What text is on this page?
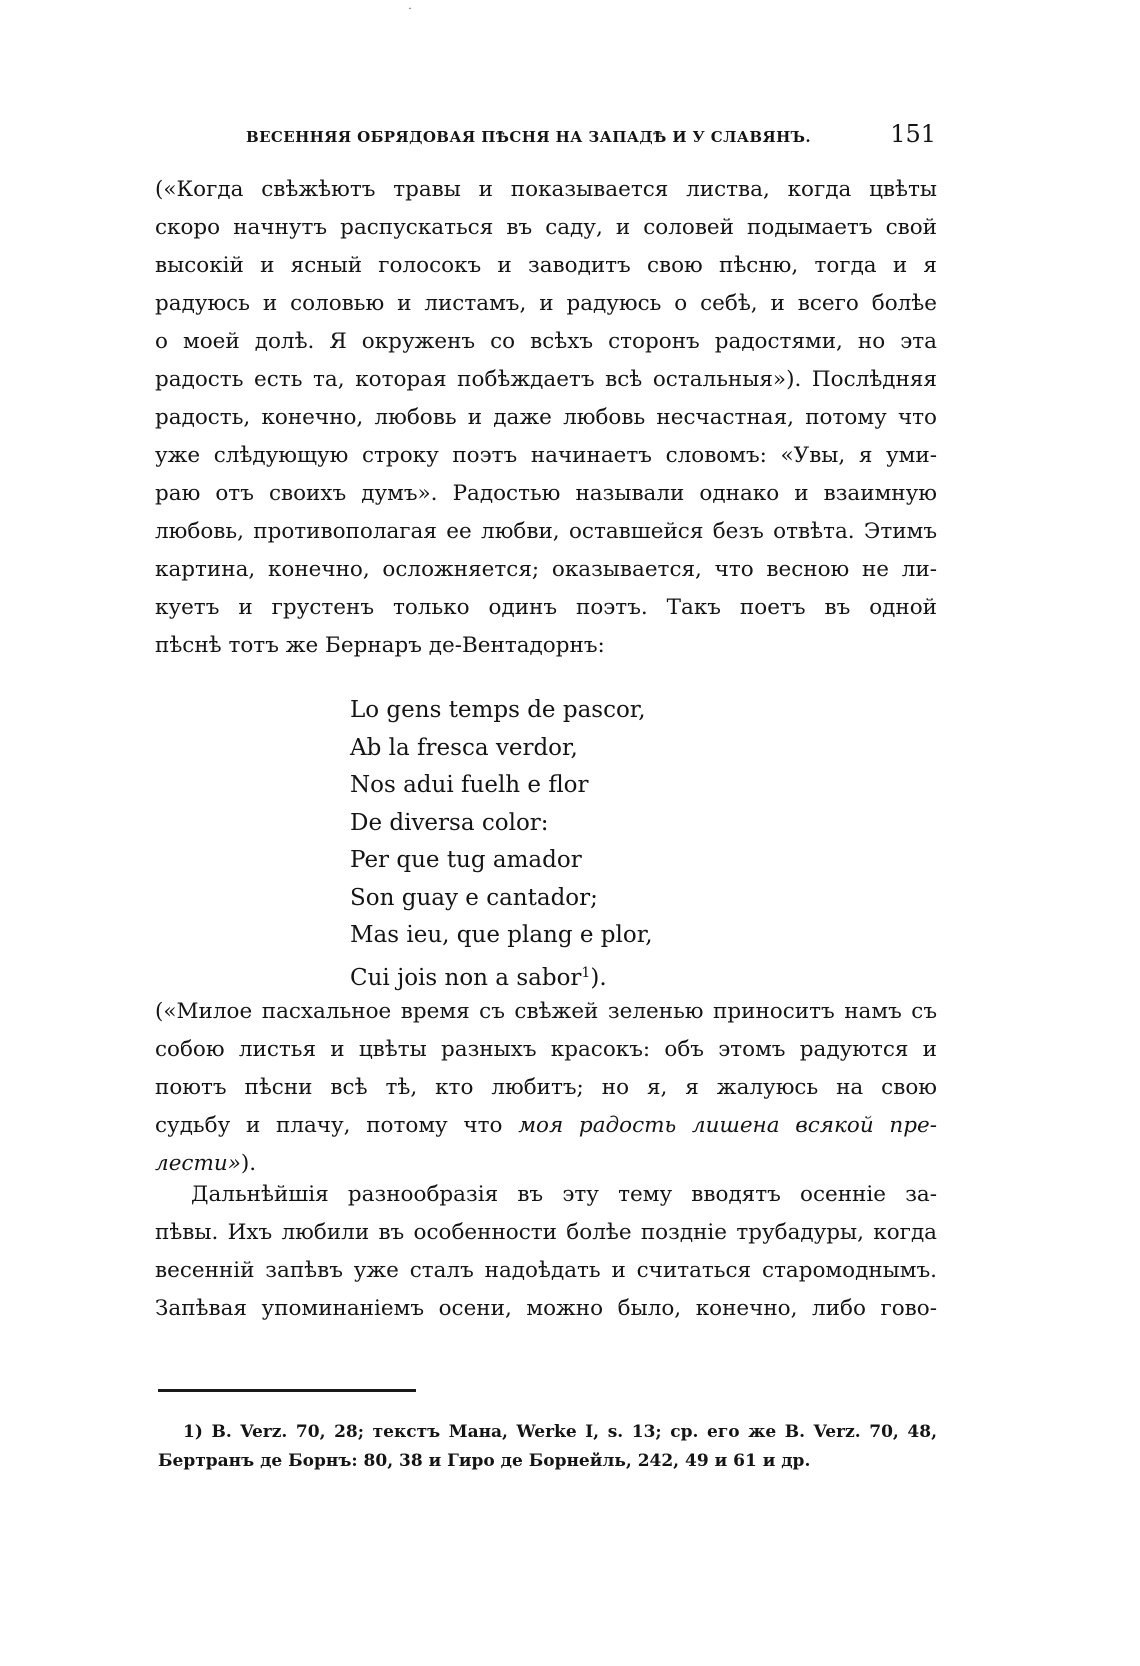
˙
ВЕСЕННЯЯ ОБРЯДОВАЯ ПѢСНЯ НА ЗАПАДѢ И У СЛАВЯНЪ.	151
(«Когда свѣжѣютъ травы и показывается листва, когда цвѣты
скоро начнутъ распускаться въ саду, и соловей подымаетъ свой
высокій и ясный голосокъ и заводитъ свою пѣсню, тогда и я
радуюсь и соловью и листамъ, и радуюсь о себѣ, и всего болѣе
о моей долѣ. Я окруженъ со всѣхъ сторонъ радостями, но эта
радость есть та, которая побѣждаетъ всѣ остальныя»). Послѣдняя
радость, конечно, любовь и даже любовь несчастная, потому что
уже слѣдующую строку поэтъ начинаетъ словомъ: «Увы, я уми-
раю отъ своихъ думъ». Радостью называли однако и взаимную
любовь, противополагая ее любви, оставшейся безъ отвѣта. Этимъ
картина, конечно, осложняется; оказывается, что весною не ли-
куетъ и грустенъ только одинъ поэтъ. Такъ поетъ въ одной
пѣснѣ тотъ же Бернаръ де-Вентадорнъ:
Lo gens temps de pascor,
Ab la fresca verdor,
Nos adui fuelh e flor
De diversa color:
Per que tug amador
Son guay e cantador;
Mas ieu, que plang e plor,
Cui jois non a sabor$^1$).
(«Милое пасхальное время съ свѣжей зеленью приноситъ намъ съ
собою листья и цвѣты разныхъ красокъ: объ этомъ радуются и
поютъ пѣсни всѣ тѣ, кто любитъ; но я, я жалуюсь на свою
судьбу и плачу, потому что моя радость лишена всякой пре-
лести»).
Дальнѣйшія разнообразія въ эту тему вводятъ осенніе за-
пѣвы. Ихъ любили въ особенности болѣе поздніе трубадуры, когда
весенній запѣвъ уже сталъ надоѣдать и считаться старомоднымъ.
Запѣвая упоминаніемъ осени, можно было, конечно, либо гово-
1) B. Verz. 70, 28; текстъ Мана, Werke I, s. 13; ср. его же B. Verz. 70, 48,
Бертранъ де Борнъ: 80, 38 и Гиро де Борнейль, 242, 49 и 61 и др.
